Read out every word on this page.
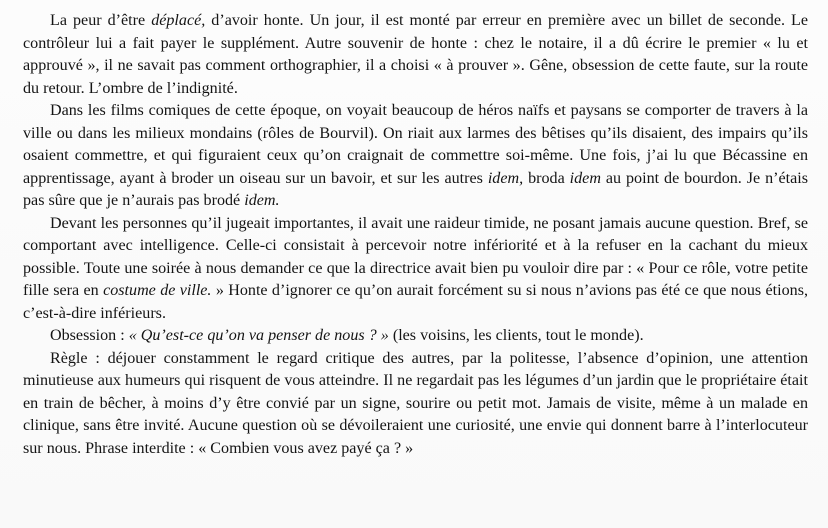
La peur d’être déplacé, d’avoir honte. Un jour, il est monté par erreur en première avec un billet de seconde. Le contrôleur lui a fait payer le supplément. Autre souvenir de honte : chez le notaire, il a dû écrire le premier « lu et approuvé », il ne savait pas comment orthographier, il a choisi « à prouver ». Gêne, obsession de cette faute, sur la route du retour. L’ombre de l’indignité.

Dans les films comiques de cette époque, on voyait beaucoup de héros naïfs et paysans se comporter de travers à la ville ou dans les milieux mondains (rôles de Bourvil). On riait aux larmes des bêtises qu’ils disaient, des impairs qu’ils osaient commettre, et qui figuraient ceux qu’on craignait de commettre soi-même. Une fois, j’ai lu que Bécassine en apprentissage, ayant à broder un oiseau sur un bavoir, et sur les autres idem, broda idem au point de bourdon. Je n’étais pas sûre que je n’aurais pas brodé idem.

Devant les personnes qu’il jugeait importantes, il avait une raideur timide, ne posant jamais aucune question. Bref, se comportant avec intelligence. Celle-ci consistait à percevoir notre infériorité et à la refuser en la cachant du mieux possible. Toute une soirée à nous demander ce que la directrice avait bien pu vouloir dire par : « Pour ce rôle, votre petite fille sera en costume de ville. » Honte d’ignorer ce qu’on aurait forcément su si nous n’avions pas été ce que nous étions, c’est-à-dire inférieurs.

Obsession : « Qu’est-ce qu’on va penser de nous ? » (les voisins, les clients, tout le monde).

Règle : déjouer constamment le regard critique des autres, par la politesse, l’absence d’opinion, une attention minutieuse aux humeurs qui risquent de vous atteindre. Il ne regardait pas les légumes d’un jardin que le propriétaire était en train de bêcher, à moins d’y être convié par un signe, sourire ou petit mot. Jamais de visite, même à un malade en clinique, sans être invité. Aucune question où se dévoileraient une curiosité, une envie qui donnent barre à l’interlocuteur sur nous. Phrase interdite : « Combien vous avez payé ça ? »
